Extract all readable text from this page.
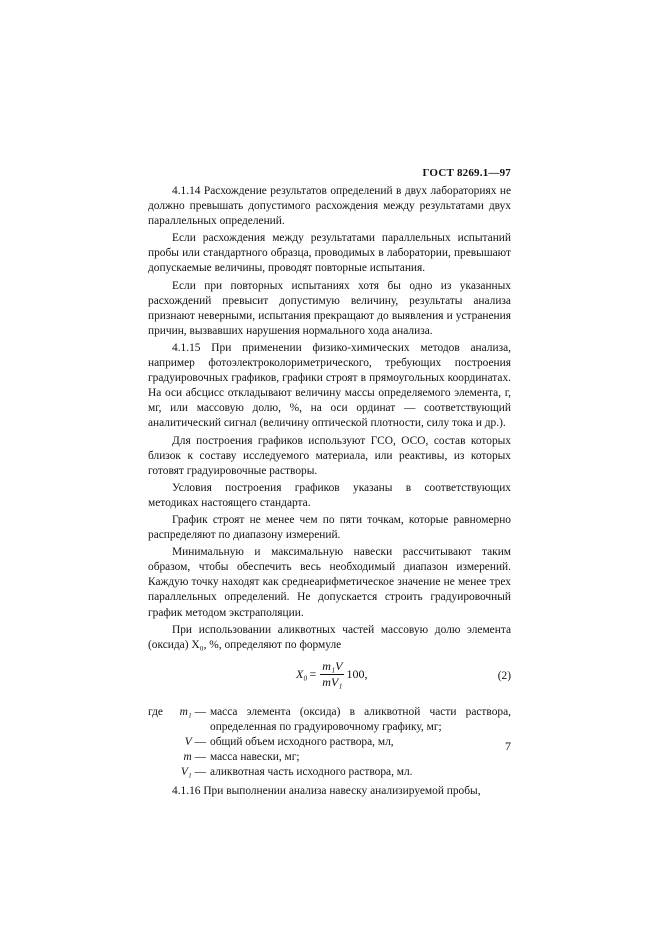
ГОСТ 8269.1—97

4.1.14 Расхождение результатов определений в двух лабораториях не должно превышать допустимого расхождения между результатами двух параллельных определений.

Если расхождения между результатами параллельных испытаний пробы или стандартного образца, проводимых в лаборатории, превышают допускаемые величины, проводят повторные испытания.

Если при повторных испытаниях хотя бы одно из указанных расхождений превысит допустимую величину, результаты анализа признают неверными, испытания прекращают до выявления и устранения причин, вызвавших нарушения нормального хода анализа.

4.1.15 При применении физико-химических методов анализа, например фотоэлектроколориметрического, требующих построения градуировочных графиков, графики строят в прямоугольных координатах. На оси абсцисс откладывают величину массы определяемого элемента, г, мг, или массовую долю, %, на оси ординат — соответствующий аналитический сигнал (величину оптической плотности, силу тока и др.).

Для построения графиков используют ГСО, ОСО, состав которых близок к составу исследуемого материала, или реактивы, из которых готовят градуировочные растворы.

Условия построения графиков указаны в соответствующих методиках настоящего стандарта.

График строят не менее чем по пяти точкам, которые равномерно распределяют по диапазону измерений.

Минимальную и максимальную навески рассчитывают таким образом, чтобы обеспечить весь необходимый диапазон измерений. Каждую точку находят как среднеарифметическое значение не менее трех параллельных определений. Не допускается строить градуировочный график методом экстраполяции.

При использовании аликвотных частей массовую долю элемента (оксида) X₀, %, определяют по формуле

$X_0 = \frac{\text{m₁V}}{\text{mV₁}} 100$,	(2)
где	m₁ — масса элемента (оксида) в аликвотной части раствора, определенная по градуировочному графику, мг;
V — общий объем исходного раствора, мл,
m — масса навески, мг;
V₁ — аликвотная часть исходного раствора, мл.

4.1.16 При выполнении анализа навеску анализируемой пробы,

7
